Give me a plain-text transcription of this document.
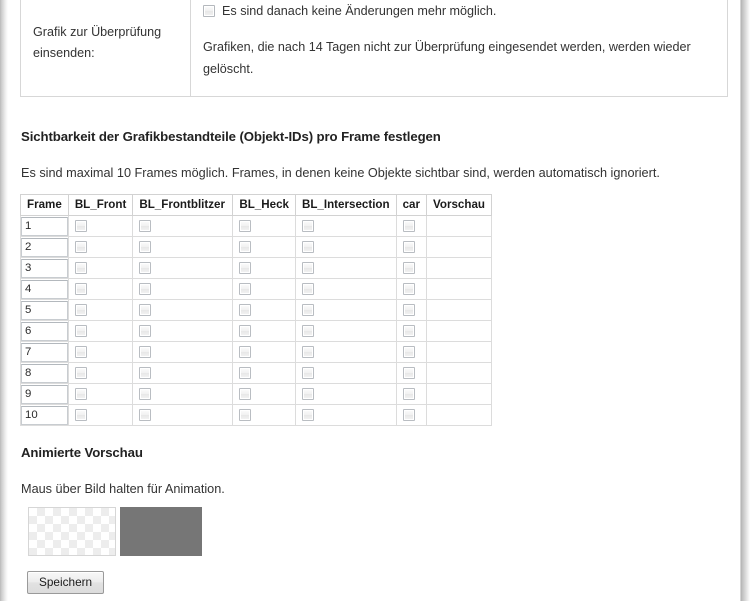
Grafik zur Überprüfung einsenden:	
Es sind danach keine Änderungen mehr möglich.
Grafiken, die nach 14 Tagen nicht zur Überprüfung eingesendet werden, werden wieder gelöscht.
Sichtbarkeit der Grafikbestandteile (Objekt-IDs) pro Frame festlegen

Es sind maximal 10 Frames möglich. Frames, in denen keine Objekte sichtbar sind, werden automatisch ignoriert.

Frame	BL_Front	BL_Frontblitzer	BL_Heck	BL_Intersection	car	Vorschau

1	

2	

3	

4	

5	

6	

7	

8	

9	

10	

Animierte Vorschau

Maus über Bild halten für Animation.

Speichern
